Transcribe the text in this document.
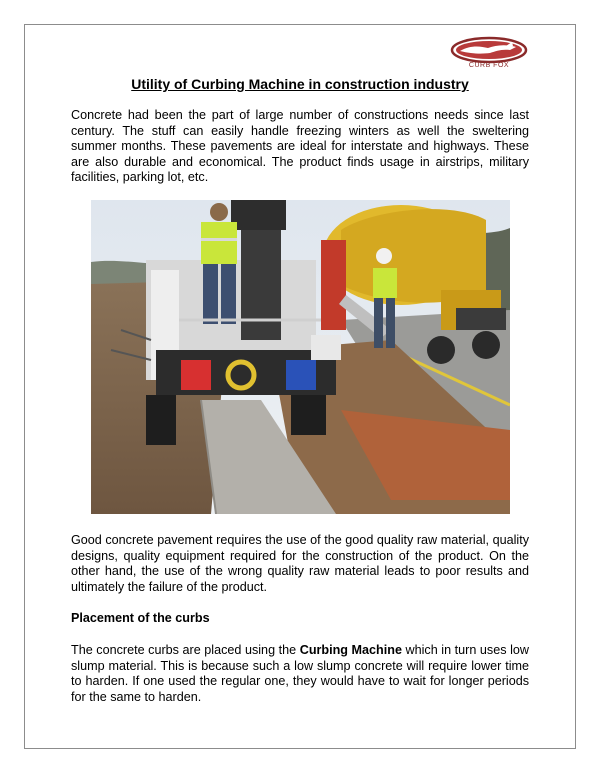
CURB FOX
Utility of Curbing Machine in construction industry

Concrete had been the part of large number of constructions needs since last century. The stuff can easily handle freezing winters as well the sweltering summer months. These pavements are ideal for interstate and highways. These are also durable and economical. The product finds usage in airstrips, military facilities, parking lot, etc.

Good concrete pavement requires the use of the good quality raw material, quality designs, quality equipment required for the construction of the product. On the other hand, the use of the wrong quality raw material leads to poor results and ultimately the failure of the product.

Placement of the curbs

The concrete curbs are placed using the Curbing Machine which in turn uses low slump material. This is because such a low slump concrete will require lower time to harden. If one used the regular one, they would have to wait for longer periods for the same to harden.
